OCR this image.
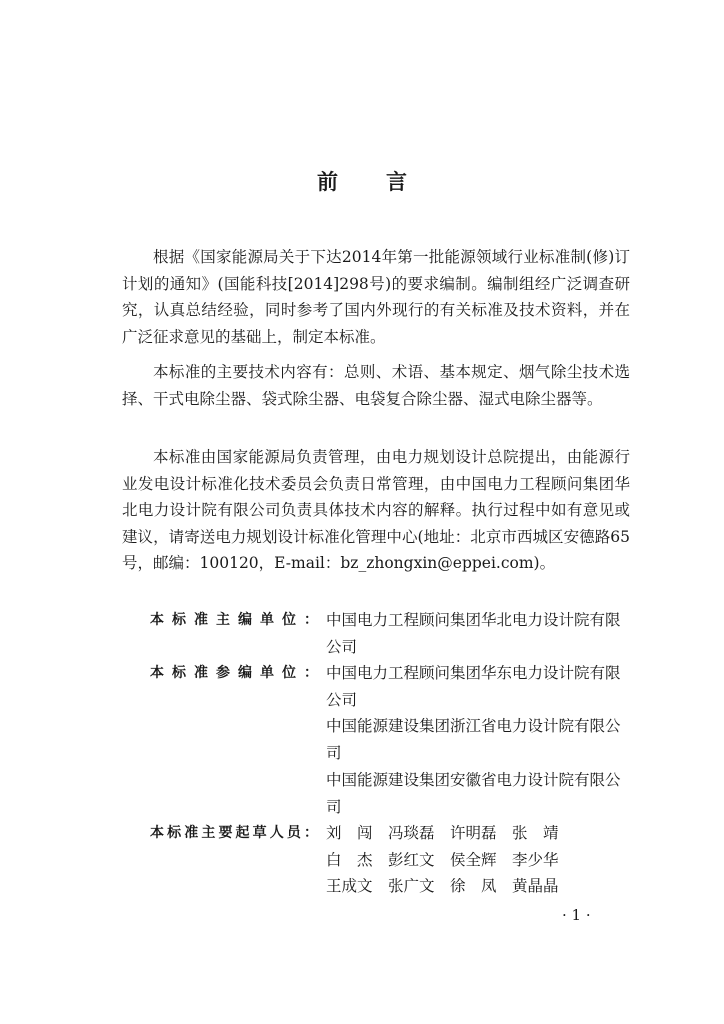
前 言
根据《国家能源局关于下达2014年第一批能源领域行业标准制(修)订计划的通知》(国能科技[2014]298号)的要求编制。编制组经广泛调查研究，认真总结经验，同时参考了国内外现行的有关标准及技术资料，并在广泛征求意见的基础上，制定本标准。
本标准的主要技术内容有：总则、术语、基本规定、烟气除尘技术选择、干式电除尘器、袋式除尘器、电袋复合除尘器、湿式电除尘器等。
本标准由国家能源局负责管理，由电力规划设计总院提出，由能源行业发电设计标准化技术委员会负责日常管理，由中国电力工程顾问集团华北电力设计院有限公司负责具体技术内容的解释。执行过程中如有意见或建议，请寄送电力规划设计标准化管理中心(地址：北京市西城区安德路65号，邮编：100120，E-mail：bz_zhongxin@eppei.com)。
本标准主编单位： 中国电力工程顾问集团华北电力设计院有限公司
本标准参编单位： 中国电力工程顾问集团华东电力设计院有限公司
中国能源建设集团浙江省电力设计院有限公司
中国能源建设集团安徽省电力设计院有限公司
本标准主要起草人员： 刘　闯　冯琰磊　许明磊　张　靖
白　杰　彭红文　侯全辉　李少华
王成文　张广文　徐　凤　黄晶晶
· 1 ·
